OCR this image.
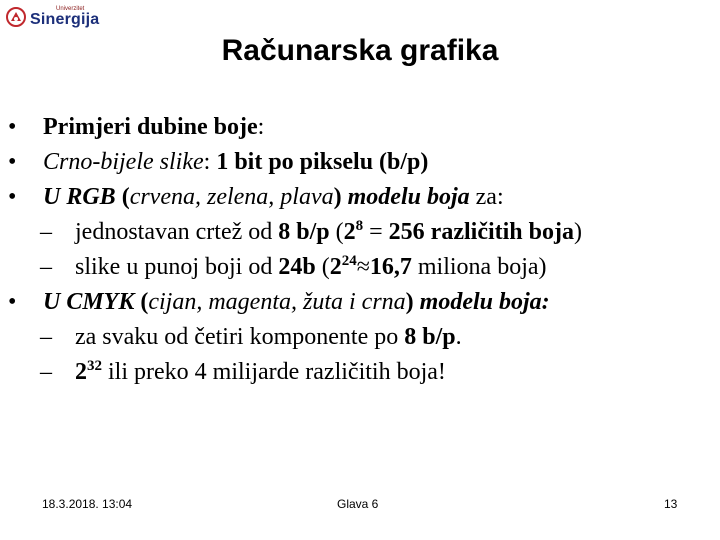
Univerzitet
Sinergija
Računarska grafika
• Primjeri dubine boje:
• Crno-bijele slike: 1 bit po pikselu (b/p)
• U RGB (crvena, zelena, plava) modelu boja za:
– jednostavan crtež od 8 b/p ($2^8 = 256$ različitih boja)
– slike u punoj boji od 24b ($2^{24}\approx 16,7$ miliona boja)
• U CMYK (cijan, magenta, žuta i crna) modelu boja:
– za svaku od četiri komponente po 8 b/p.
– $2^{32}$ ili preko 4 milijarde različitih boja!
18.3.2018. 13:04	Glava 6	13
